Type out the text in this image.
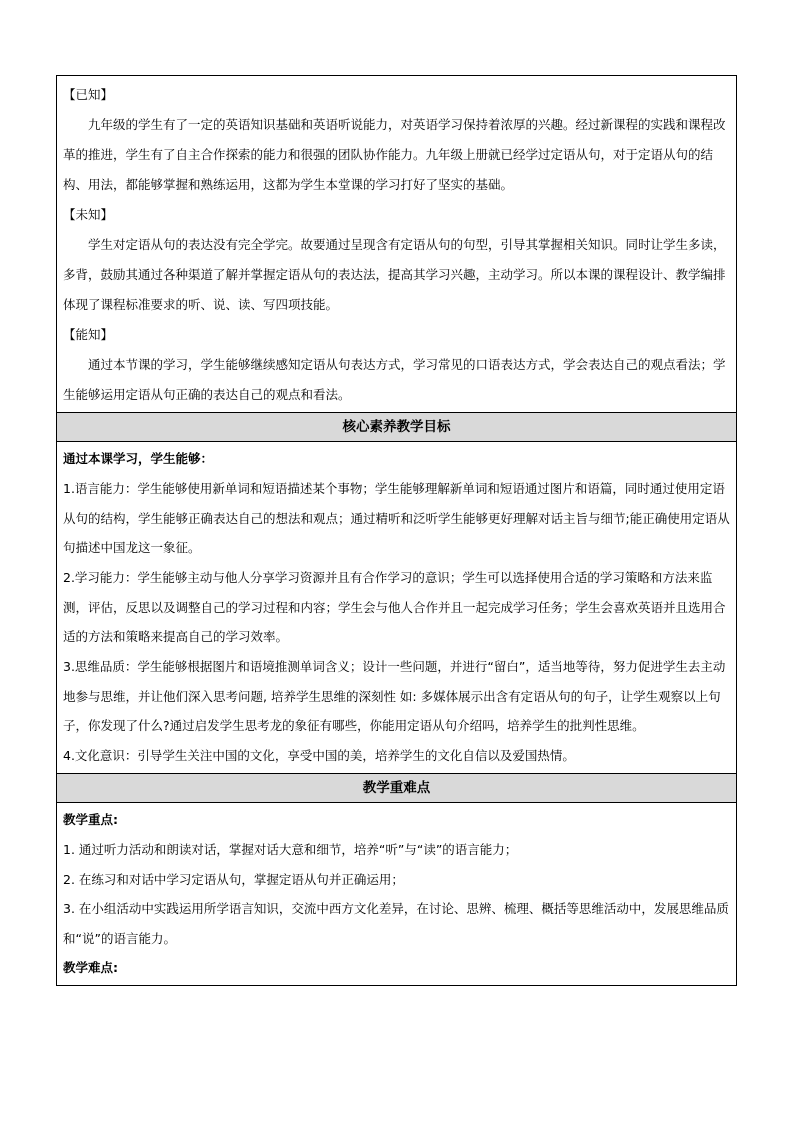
【已知】

九年级的学生有了一定的英语知识基础和英语听说能力，对英语学习保持着浓厚的兴趣。经过新课程的实践和课程改革的推进，学生有了自主合作探索的能力和很强的团队协作能力。九年级上册就已经学过定语从句，对于定语从句的结构、用法，都能够掌握和熟练运用，这都为学生本堂课的学习打好了坚实的基础。

【未知】

学生对定语从句的表达没有完全学完。故要通过呈现含有定语从句的句型，引导其掌握相关知识。同时让学生多读，多背，鼓励其通过各种渠道了解并掌握定语从句的表达法，提高其学习兴趣，主动学习。所以本课的课程设计、教学编排体现了课程标准要求的听、说、读、写四项技能。

【能知】

通过本节课的学习，学生能够继续感知定语从句表达方式，学习常见的口语表达方式，学会表达自己的观点看法；学生能够运用定语从句正确的表达自己的观点和看法。

核心素养教学目标

通过本课学习，学生能够：

1.语言能力：学生能够使用新单词和短语描述某个事物；学生能够理解新单词和短语通过图片和语篇，同时通过使用定语从句的结构，学生能够正确表达自己的想法和观点；通过精听和泛听学生能够更好理解对话主旨与细节;能正确使用定语从句描述中国龙这一象征。

2.学习能力：学生能够主动与他人分享学习资源并且有合作学习的意识；学生可以选择使用合适的学习策略和方法来监测，评估，反思以及调整自己的学习过程和内容；学生会与他人合作并且一起完成学习任务；学生会喜欢英语并且选用合适的方法和策略来提高自己的学习效率。

3.思维品质：学生能够根据图片和语境推测单词含义；设计一些问题，并进行“留白”，适当地等待，努力促进学生去主动地参与思维，并让他们深入思考问题, 培养学生思维的深刻性 如: 多媒体展示出含有定语从句的句子，让学生观察以上句子，你发现了什么?通过启发学生思考龙的象征有哪些，你能用定语从句介绍吗，培养学生的批判性思维。

4.文化意识：引导学生关注中国的文化，享受中国的美，培养学生的文化自信以及爱国热情。

教学重难点

教学重点:

1. 通过听力活动和朗读对话，掌握对话大意和细节，培养“听”与“读”的语言能力；

2. 在练习和对话中学习定语从句，掌握定语从句并正确运用；

3. 在小组活动中实践运用所学语言知识，交流中西方文化差异，在讨论、思辨、梳理、概括等思维活动中，发展思维品质和“说”的语言能力。

教学难点:
